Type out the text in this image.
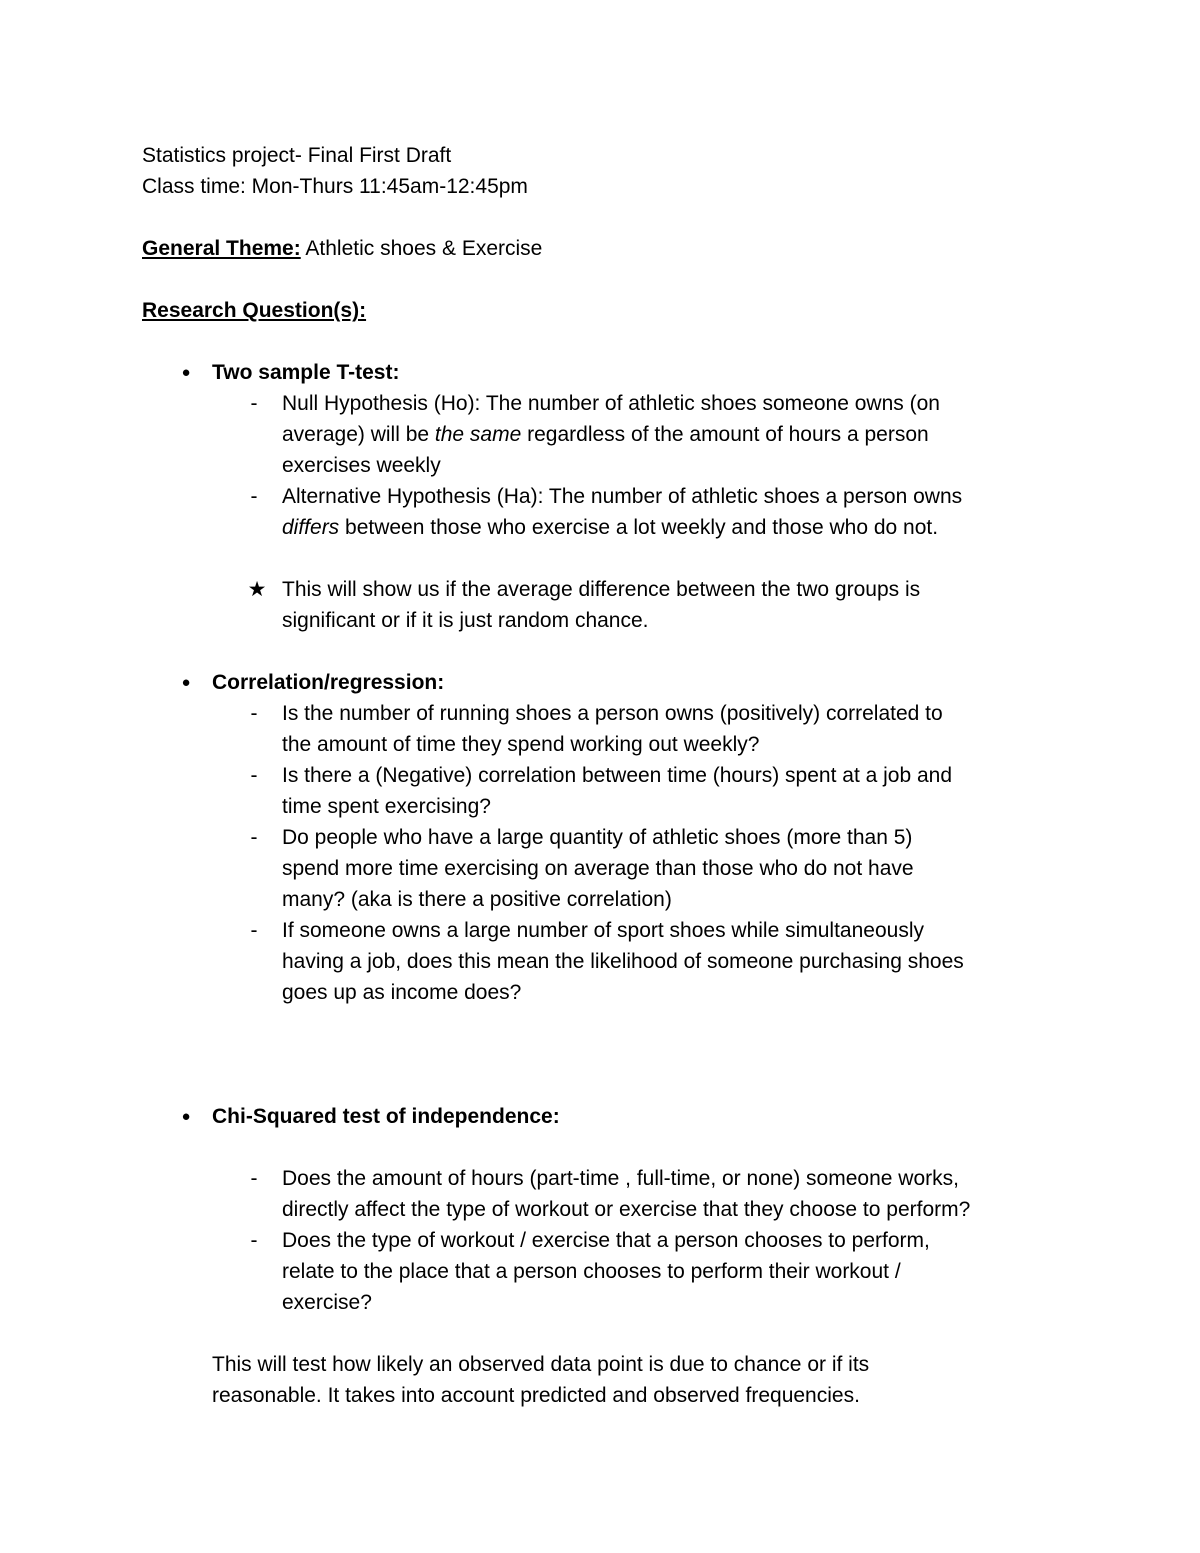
Statistics project- Final First Draft

Class time: Mon-Thurs 11:45am-12:45pm

General Theme: Athletic shoes & Exercise

Research Question(s):

● Two sample T-test:

-	Null Hypothesis (Ho): The number of athletic shoes someone owns (on

average) will be the same regardless of the amount of hours a person

exercises weekly

-	Alternative Hypothesis (Ha): The number of athletic shoes a person owns

differs between those who exercise a lot weekly and those who do not.

★ This will show us if the average difference between the two groups is

significant or if it is just random chance.

● Correlation/regression:

-	Is the number of running shoes a person owns (positively) correlated to

the amount of time they spend working out weekly?

-	Is there a (Negative) correlation between time (hours) spent at a job and

time spent exercising?

-	Do people who have a large quantity of athletic shoes (more than 5)

spend more time exercising on average than those who do not have

many? (aka is there a positive correlation)

-	If someone owns a large number of sport shoes while simultaneously

having a job, does this mean the likelihood of someone purchasing shoes

goes up as income does?

● Chi-Squared test of independence:

-	Does the amount of hours (part-time , full-time, or none) someone works,

directly affect the type of workout or exercise that they choose to perform?

-	Does the type of workout / exercise that a person chooses to perform,

relate to the place that a person chooses to perform their workout /

exercise?

This will test how likely an observed data point is due to chance or if its

reasonable. It takes into account predicted and observed frequencies.
